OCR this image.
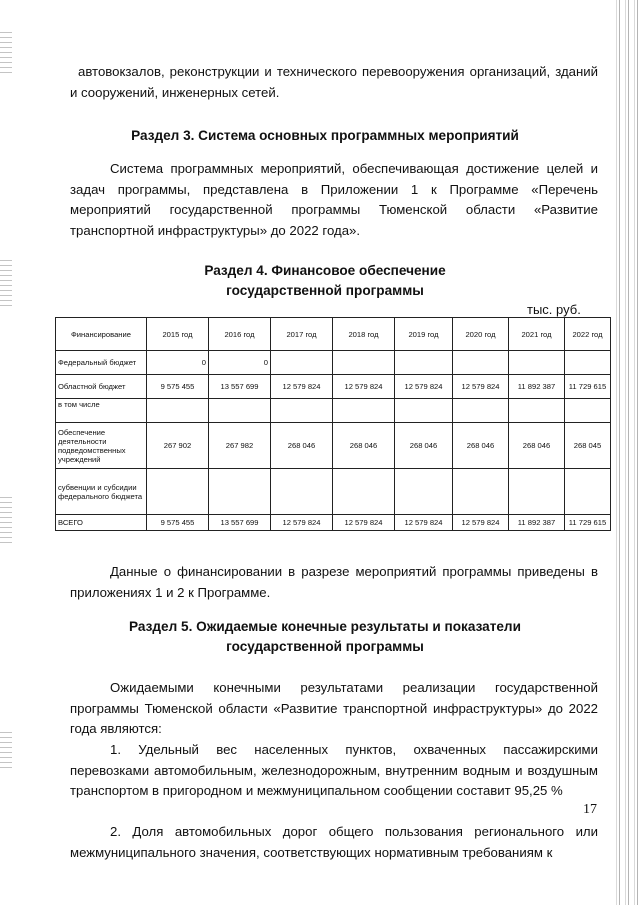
автовокзалов, реконструкции и технического перевооружения организаций, зданий и сооружений, инженерных сетей.
Раздел 3. Система основных программных мероприятий
Система программных мероприятий, обеспечивающая достижение целей и задач программы, представлена в Приложении 1 к Программе «Перечень мероприятий государственной программы Тюменской области «Развитие транспортной инфраструктуры» до 2022 года».
Раздел 4. Финансовое обеспечение
государственной программы
тыс. руб.
Финансирование	2015 год	2016 год	2017 год	2018 год	2019 год	2020 год	2021 год	2022 год
Федеральный бюджет	0	0						
Областной бюджет	9 575 455	13 557 699	12 579 824	12 579 824	12 579 824	12 579 824	11 892 387	11 729 615
в том числе								
Обеспечение деятельности подведомственных учреждений	267 902	267 982	268 046	268 046	268 046	268 046	268 046	268 045
субвенции и субсидии федерального бюджета								
ВСЕГО	9 575 455	13 557 699	12 579 824	12 579 824	12 579 824	12 579 824	11 892 387	11 729 615
Данные о финансировании в разрезе мероприятий программы приведены в приложениях 1 и 2 к Программе.
Раздел 5. Ожидаемые конечные результаты и показатели
государственной программы
Ожидаемыми конечными результатами реализации государственной программы Тюменской области «Развитие транспортной инфраструктуры» до 2022 года являются:
1. Удельный вес населенных пунктов, охваченных пассажирскими перевозками автомобильным, железнодорожным, внутренним водным и воздушным транспортом в пригородном и межмуниципальном сообщении составит 95,25 %
2. Доля автомобильных дорог общего пользования регионального или межмуниципального значения, соответствующих нормативным требованиям к
17
